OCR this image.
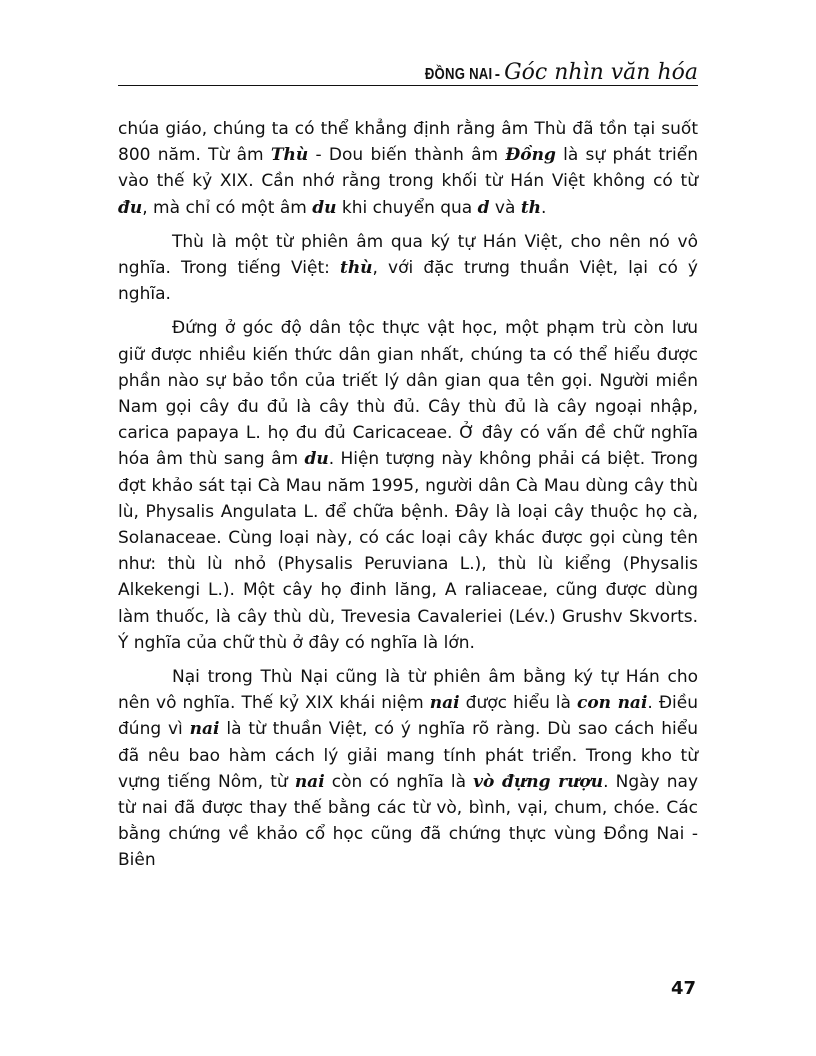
ĐỒNG NAI - Góc nhìn văn hóa

chúa giáo, chúng ta có thể khẳng định rằng âm Thù đã tồn tại suốt 800 năm. Từ âm Thù - Dou biến thành âm Đồng là sự phát triển vào thế kỷ XIX. Cần nhớ rằng trong khối từ Hán Việt không có từ đu, mà chỉ có một âm du khi chuyển qua d và th.

Thù là một từ phiên âm qua ký tự Hán Việt, cho nên nó vô nghĩa. Trong tiếng Việt: thù, với đặc trưng thuần Việt, lại có ý nghĩa.

Đứng ở góc độ dân tộc thực vật học, một phạm trù còn lưu giữ được nhiều kiến thức dân gian nhất, chúng ta có thể hiểu được phần nào sự bảo tồn của triết lý dân gian qua tên gọi. Người miền Nam gọi cây đu đủ là cây thù đủ. Cây thù đủ là cây ngoại nhập, carica papaya L. họ đu đủ Caricaceae. Ở đây có vấn đề chữ nghĩa hóa âm thù sang âm du. Hiện tượng này không phải cá biệt. Trong đợt khảo sát tại Cà Mau năm 1995, người dân Cà Mau dùng cây thù lù, Physalis Angulata L. để chữa bệnh. Đây là loại cây thuộc họ cà, Solanaceae. Cùng loại này, có các loại cây khác được gọi cùng tên như: thù lù nhỏ (Physalis Peruviana L.), thù lù kiểng (Physalis Alkekengi L.). Một cây họ đinh lăng, A raliaceae, cũng được dùng làm thuốc, là cây thù dù, Trevesia Cavaleriei (Lév.) Grushv Skvorts. Ý nghĩa của chữ thù ở đây có nghĩa là lớn.

Nại trong Thù Nại cũng là từ phiên âm bằng ký tự Hán cho nên vô nghĩa. Thế kỷ XIX khái niệm nai được hiểu là con nai. Điều đúng vì nai là từ thuần Việt, có ý nghĩa rõ ràng. Dù sao cách hiểu đã nêu bao hàm cách lý giải mang tính phát triển. Trong kho từ vựng tiếng Nôm, từ nai còn có nghĩa là vò đựng rượu. Ngày nay từ nai đã được thay thế bằng các từ vò, bình, vại, chum, chóe. Các bằng chứng về khảo cổ học cũng đã chứng thực vùng Đồng Nai - Biên

47
